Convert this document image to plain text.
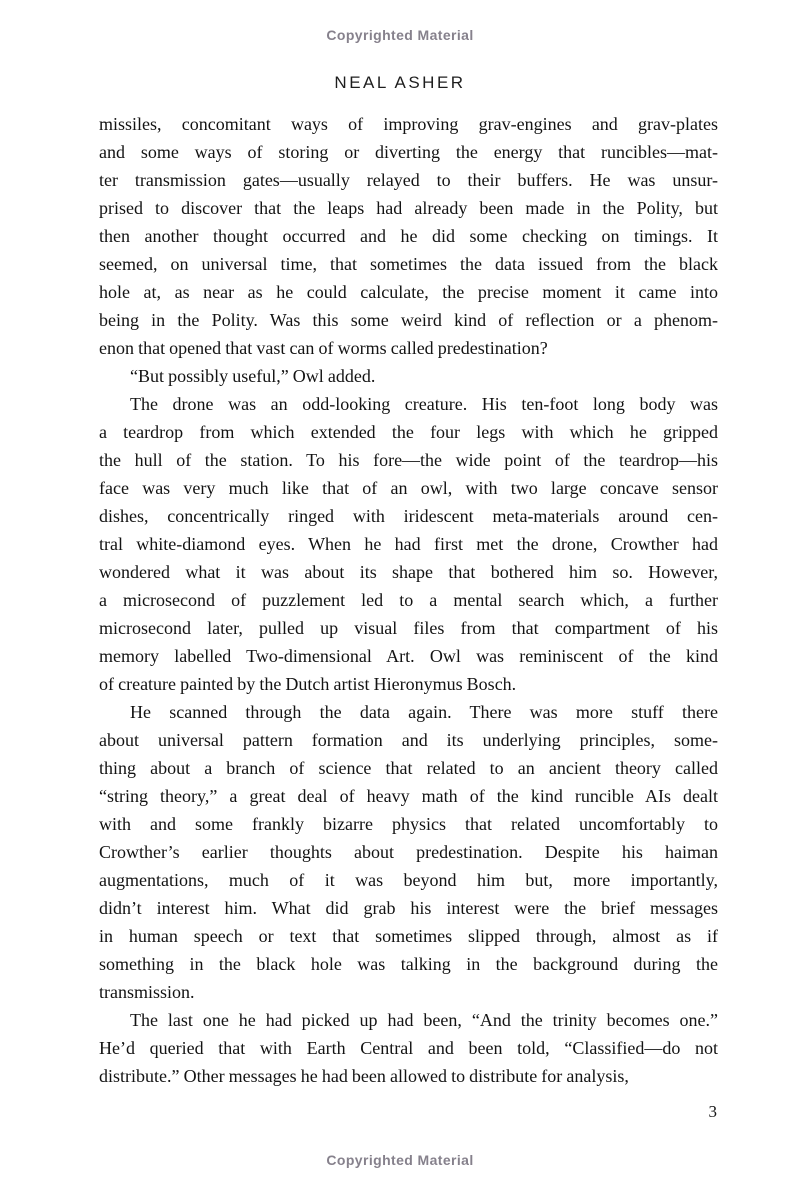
Copyrighted Material
NEAL ASHER
missiles, concomitant ways of improving grav-engines and grav-plates
and some ways of storing or diverting the energy that runcibles—mat-
ter transmission gates—usually relayed to their buffers. He was unsur-
prised to discover that the leaps had already been made in the Polity, but
then another thought occurred and he did some checking on timings. It
seemed, on universal time, that sometimes the data issued from the black
hole at, as near as he could calculate, the precise moment it came into
being in the Polity. Was this some weird kind of reflection or a phenom-
enon that opened that vast can of worms called predestination?
“But possibly useful,” Owl added.
The drone was an odd-looking creature. His ten-foot long body was
a teardrop from which extended the four legs with which he gripped
the hull of the station. To his fore—the wide point of the teardrop—his
face was very much like that of an owl, with two large concave sensor
dishes, concentrically ringed with iridescent meta-materials around cen-
tral white-diamond eyes. When he had first met the drone, Crowther had
wondered what it was about its shape that bothered him so. However,
a microsecond of puzzlement led to a mental search which, a further
microsecond later, pulled up visual files from that compartment of his
memory labelled Two-dimensional Art. Owl was reminiscent of the kind
of creature painted by the Dutch artist Hieronymus Bosch.
He scanned through the data again. There was more stuff there
about universal pattern formation and its underlying principles, some-
thing about a branch of science that related to an ancient theory called
“string theory,” a great deal of heavy math of the kind runcible AIs dealt
with and some frankly bizarre physics that related uncomfortably to
Crowther’s earlier thoughts about predestination. Despite his haiman
augmentations, much of it was beyond him but, more importantly,
didn’t interest him. What did grab his interest were the brief messages
in human speech or text that sometimes slipped through, almost as if
something in the black hole was talking in the background during the
transmission.
The last one he had picked up had been, “And the trinity becomes one.”
He’d queried that with Earth Central and been told, “Classified—do not
distribute.” Other messages he had been allowed to distribute for analysis,
3
Copyrighted Material
